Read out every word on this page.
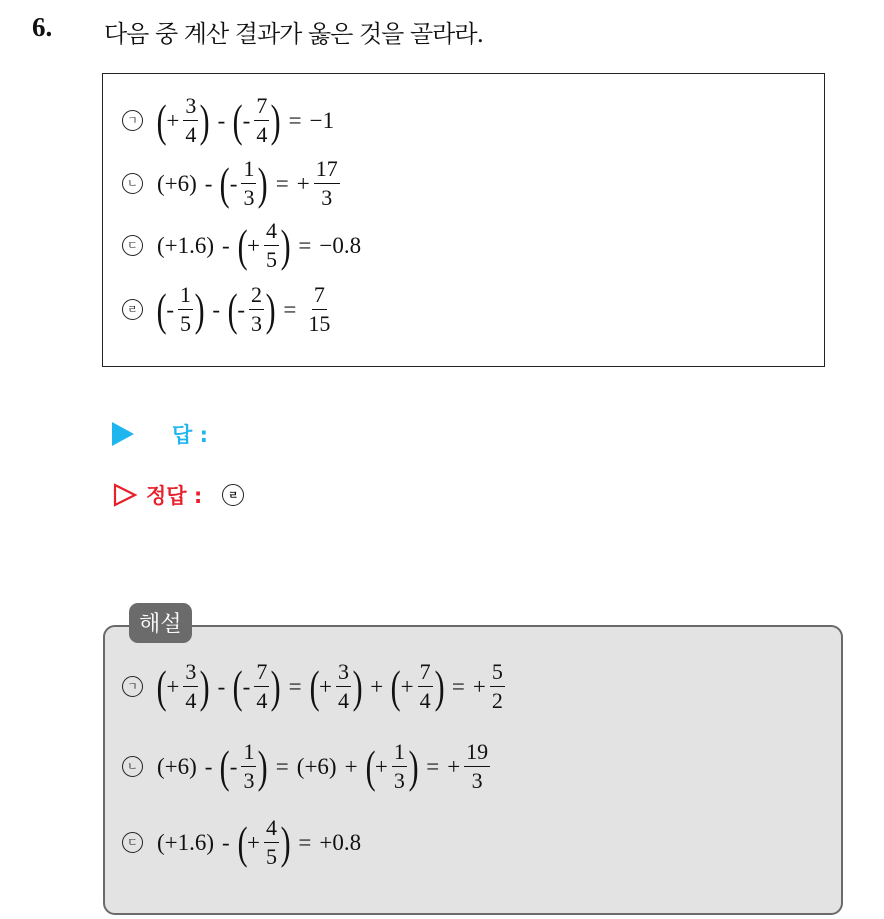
6. 다음 중 계산 결과가 옳은 것을 골라라.
ㄱ ( + $\frac{3}{4}$ ) - ( - $\frac{7}{4}$ ) = −1
ㄴ (+6) - ( - $\frac{1}{3}$ ) = + $\frac{17}{3}$
ㄷ (+1.6) - ( + $\frac{4}{5}$ ) = −0.8
ㄹ ( - $\frac{1}{5}$ ) - ( - $\frac{2}{3}$ ) = $\frac{7}{15}$
답 :
정답 :	ㄹ
해설
ㄱ ( + $\frac{3}{4}$ ) - ( - $\frac{7}{4}$ ) = ( + $\frac{3}{4}$ ) + ( + $\frac{7}{4}$ ) = + $\frac{5}{2}$
ㄴ (+6) - ( - $\frac{1}{3}$ ) = (+6) + ( + $\frac{1}{3}$ ) = + $\frac{19}{3}$
ㄷ (+1.6) - ( + $\frac{4}{5}$ ) = +0.8
